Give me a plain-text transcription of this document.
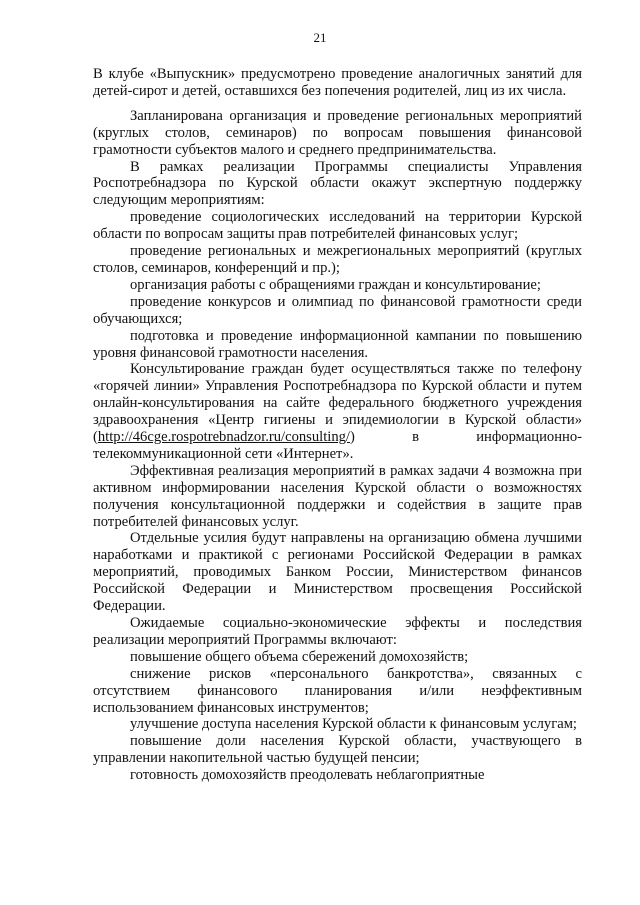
21

В клубе «Выпускник» предусмотрено проведение аналогичных занятий для детей-сирот и детей, оставшихся без попечения родителей, лиц из их числа.

Запланирована организация и проведение региональных мероприятий (круглых столов, семинаров) по вопросам повышения финансовой грамотности субъектов малого и среднего предпринимательства.

В рамках реализации Программы специалисты Управления Роспотребнадзора по Курской области окажут экспертную поддержку следующим мероприятиям:

проведение социологических исследований на территории Курской области по вопросам защиты прав потребителей финансовых услуг;

проведение региональных и межрегиональных мероприятий (круглых столов, семинаров, конференций и пр.);

организация работы с обращениями граждан и консультирование;

проведение конкурсов и олимпиад по финансовой грамотности среди обучающихся;

подготовка и проведение информационной кампании по повышению уровня финансовой грамотности населения.

Консультирование граждан будет осуществляться также по телефону «горячей линии» Управления Роспотребнадзора по Курской области и путем онлайн-консультирования на сайте федерального бюджетного учреждения здравоохранения «Центр гигиены и эпидемиологии в Курской области» (http://46cge.rospotrebnadzor.ru/consulting/) в информационно-телекоммуникационной сети «Интернет».

Эффективная реализация мероприятий в рамках задачи 4 возможна при активном информировании населения Курской области о возможностях получения консультационной поддержки и содействия в защите прав потребителей финансовых услуг.

Отдельные усилия будут направлены на организацию обмена лучшими наработками и практикой с регионами Российской Федерации в рамках мероприятий, проводимых Банком России, Министерством финансов Российской Федерации и Министерством просвещения Российской Федерации.

Ожидаемые социально-экономические эффекты и последствия реализации мероприятий Программы включают:

повышение общего объема сбережений домохозяйств;

снижение рисков «персонального банкротства», связанных с отсутствием финансового планирования и/или неэффективным использованием финансовых инструментов;

улучшение доступа населения Курской области к финансовым услугам;

повышение доли населения Курской области, участвующего в управлении накопительной частью будущей пенсии;

готовность домохозяйств преодолевать неблагоприятные
